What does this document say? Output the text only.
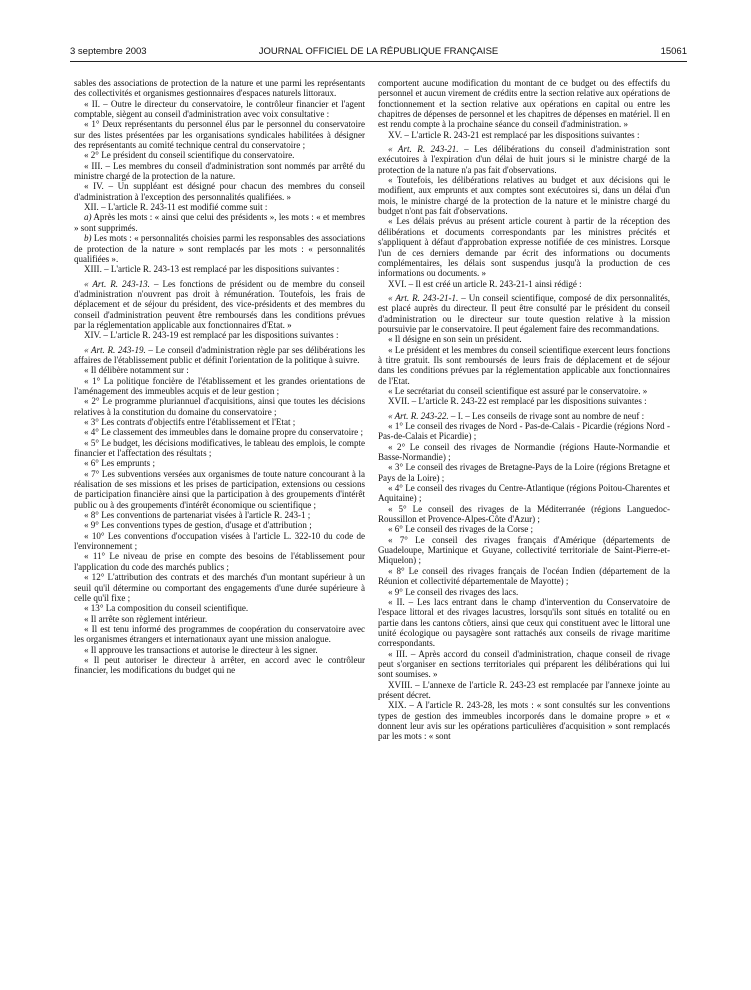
3 septembre 2003	JOURNAL OFFICIEL DE LA RÉPUBLIQUE FRANÇAISE	15061

sables des associations de protection de la nature et une parmi les représentants des collectivités et organismes gestionnaires d'espaces naturels littoraux.

« II. – Outre le directeur du conservatoire, le contrôleur financier et l'agent comptable, siègent au conseil d'administration avec voix consultative :

« 1° Deux représentants du personnel élus par le personnel du conservatoire sur des listes présentées par les organisations syndicales habilitées à désigner des représentants au comité technique central du conservatoire ;

« 2° Le président du conseil scientifique du conservatoire.

« III. – Les membres du conseil d'administration sont nommés par arrêté du ministre chargé de la protection de la nature.

« IV. – Un suppléant est désigné pour chacun des membres du conseil d'administration à l'exception des personnalités qualifiées. »

XII. – L'article R. 243-11 est modifié comme suit :

a) Après les mots : « ainsi que celui des présidents », les mots : « et membres » sont supprimés.

b) Les mots : « personnalités choisies parmi les responsables des associations de protection de la nature » sont remplacés par les mots : « personnalités qualifiées ».

XIII. – L'article R. 243-13 est remplacé par les dispositions suivantes :

« Art. R. 243-13. – Les fonctions de président ou de membre du conseil d'administration n'ouvrent pas droit à rémunération. Toutefois, les frais de déplacement et de séjour du président, des vice-présidents et des membres du conseil d'administration peuvent être remboursés dans les conditions prévues par la réglementation applicable aux fonctionnaires d'Etat. »

XIV. – L'article R. 243-19 est remplacé par les dispositions suivantes :

« Art. R. 243-19. – Le conseil d'administration règle par ses délibérations les affaires de l'établissement public et définit l'orientation de la politique à suivre.

« Il délibère notamment sur :

« 1° La politique foncière de l'établissement et les grandes orientations de l'aménagement des immeubles acquis et de leur gestion ;

« 2° Le programme pluriannuel d'acquisitions, ainsi que toutes les décisions relatives à la constitution du domaine du conservatoire ;

« 3° Les contrats d'objectifs entre l'établissement et l'Etat ;

« 4° Le classement des immeubles dans le domaine propre du conservatoire ;

« 5° Le budget, les décisions modificatives, le tableau des emplois, le compte financier et l'affectation des résultats ;

« 6° Les emprunts ;

« 7° Les subventions versées aux organismes de toute nature concourant à la réalisation de ses missions et les prises de participation, extensions ou cessions de participation financière ainsi que la participation à des groupements d'intérêt public ou à des groupements d'intérêt économique ou scientifique ;

« 8° Les conventions de partenariat visées à l'article R. 243-1 ;

« 9° Les conventions types de gestion, d'usage et d'attribution ;

« 10° Les conventions d'occupation visées à l'article L. 322-10 du code de l'environnement ;

« 11° Le niveau de prise en compte des besoins de l'établissement pour l'application du code des marchés publics ;

« 12° L'attribution des contrats et des marchés d'un montant supérieur à un seuil qu'il détermine ou comportant des engagements d'une durée supérieure à celle qu'il fixe ;

« 13° La composition du conseil scientifique.

« Il arrête son règlement intérieur.

« Il est tenu informé des programmes de coopération du conservatoire avec les organismes étrangers et internationaux ayant une mission analogue.

« Il approuve les transactions et autorise le directeur à les signer.

« Il peut autoriser le directeur à arrêter, en accord avec le contrôleur financier, les modifications du budget qui ne

comportent aucune modification du montant de ce budget ou des effectifs du personnel et aucun virement de crédits entre la section relative aux opérations de fonctionnement et la section relative aux opérations en capital ou entre les chapitres de dépenses de personnel et les chapitres de dépenses en matériel. Il en est rendu compte à la prochaine séance du conseil d'administration. »

XV. – L'article R. 243-21 est remplacé par les dispositions suivantes :

« Art. R. 243-21. – Les délibérations du conseil d'administration sont exécutoires à l'expiration d'un délai de huit jours si le ministre chargé de la protection de la nature n'a pas fait d'observations.

« Toutefois, les délibérations relatives au budget et aux décisions qui le modifient, aux emprunts et aux comptes sont exécutoires si, dans un délai d'un mois, le ministre chargé de la protection de la nature et le ministre chargé du budget n'ont pas fait d'observations.

« Les délais prévus au présent article courent à partir de la réception des délibérations et documents correspondants par les ministres précités et s'appliquent à défaut d'approbation expresse notifiée de ces ministres. Lorsque l'un de ces derniers demande par écrit des informations ou documents complémentaires, les délais sont suspendus jusqu'à la production de ces informations ou documents. »

XVI. – Il est créé un article R. 243-21-1 ainsi rédigé :

« Art. R. 243-21-1. – Un conseil scientifique, composé de dix personnalités, est placé auprès du directeur. Il peut être consulté par le président du conseil d'administration ou le directeur sur toute question relative à la mission poursuivie par le conservatoire. Il peut également faire des recommandations.

« Il désigne en son sein un président.

« Le président et les membres du conseil scientifique exercent leurs fonctions à titre gratuit. Ils sont remboursés de leurs frais de déplacement et de séjour dans les conditions prévues par la réglementation applicable aux fonctionnaires de l'Etat.

« Le secrétariat du conseil scientifique est assuré par le conservatoire. »

XVII. – L'article R. 243-22 est remplacé par les dispositions suivantes :

« Art. R. 243-22. – I. – Les conseils de rivage sont au nombre de neuf :

« 1° Le conseil des rivages de Nord - Pas-de-Calais - Picardie (régions Nord - Pas-de-Calais et Picardie) ;

« 2° Le conseil des rivages de Normandie (régions Haute-Normandie et Basse-Normandie) ;

« 3° Le conseil des rivages de Bretagne-Pays de la Loire (régions Bretagne et Pays de la Loire) ;

« 4° Le conseil des rivages du Centre-Atlantique (régions Poitou-Charentes et Aquitaine) ;

« 5° Le conseil des rivages de la Méditerranée (régions Languedoc-Roussillon et Provence-Alpes-Côte d'Azur) ;

« 6° Le conseil des rivages de la Corse ;

« 7° Le conseil des rivages français d'Amérique (départements de Guadeloupe, Martinique et Guyane, collectivité territoriale de Saint-Pierre-et-Miquelon) ;

« 8° Le conseil des rivages français de l'océan Indien (département de la Réunion et collectivité départementale de Mayotte) ;

« 9° Le conseil des rivages des lacs.

« II. – Les lacs entrant dans le champ d'intervention du Conservatoire de l'espace littoral et des rivages lacustres, lorsqu'ils sont situés en totalité ou en partie dans les cantons côtiers, ainsi que ceux qui constituent avec le littoral une unité écologique ou paysagère sont rattachés aux conseils de rivage maritime correspondants.

« III. – Après accord du conseil d'administration, chaque conseil de rivage peut s'organiser en sections territoriales qui préparent les délibérations qui lui sont soumises. »

XVIII. – L'annexe de l'article R. 243-23 est remplacée par l'annexe jointe au présent décret.

XIX. – A l'article R. 243-28, les mots : « sont consultés sur les conventions types de gestion des immeubles incorporés dans le domaine propre » et « donnent leur avis sur les opérations particulières d'acquisition » sont remplacés par les mots : « sont
